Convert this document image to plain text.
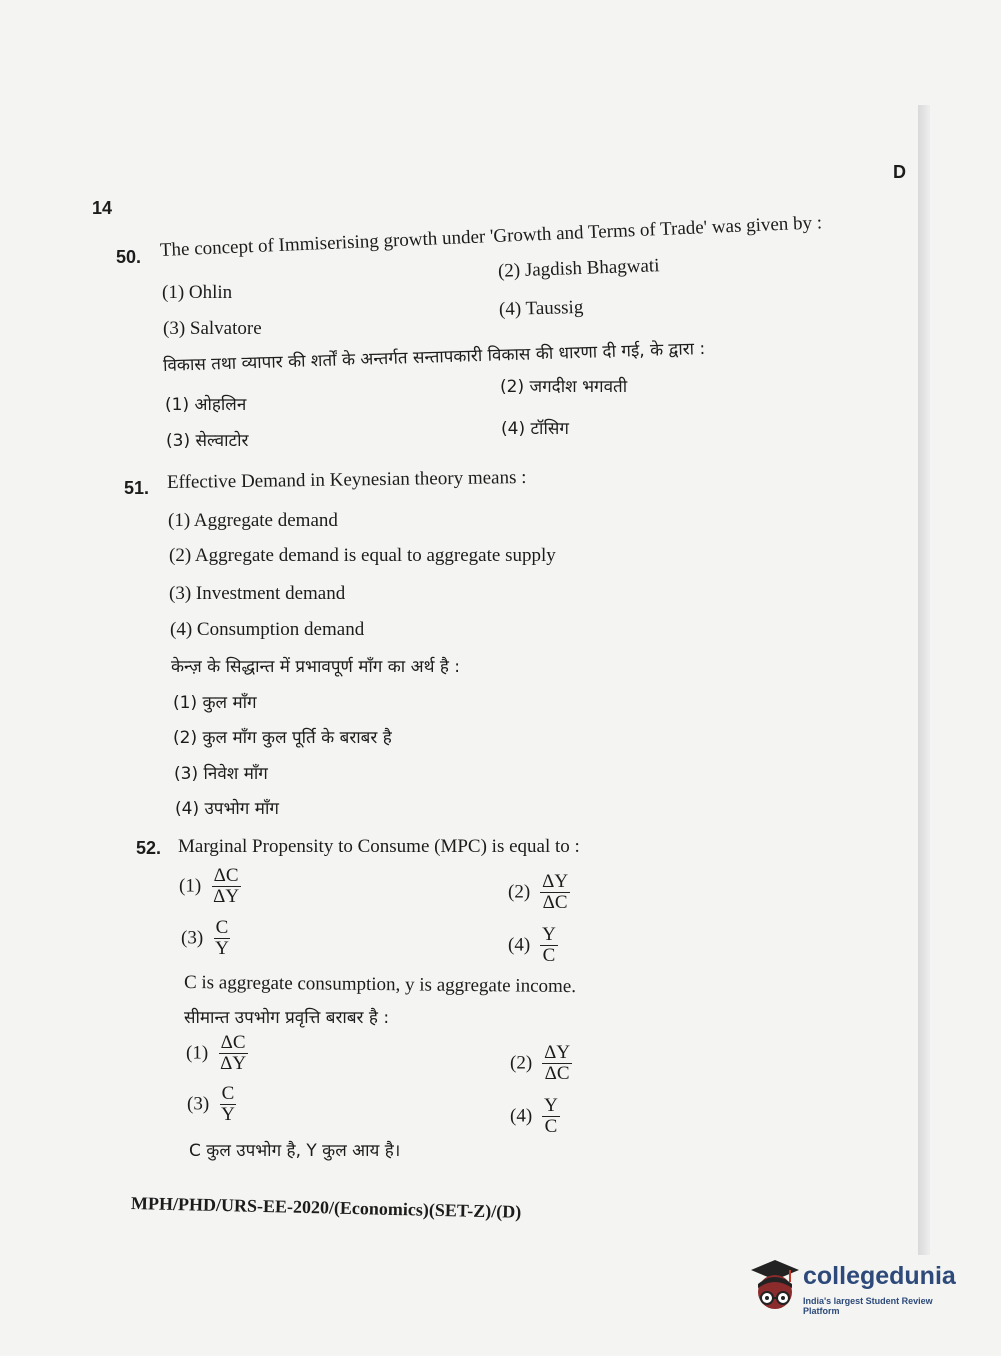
14
D
50. The concept of Immiserising growth under 'Growth and Terms of Trade' was given by :
(1) Ohlin
(2) Jagdish Bhagwati
(3) Salvatore
(4) Taussig
विकास तथा व्यापार की शर्तों के अन्तर्गत सन्तापकारी विकास की धारणा दी गई, के द्वारा :
(1) ओहलिन
(2) जगदीश भगवती
(3) सेल्वाटोर
(4) टॉसिग
51. Effective Demand in Keynesian theory means :
(1) Aggregate demand
(2) Aggregate demand is equal to aggregate supply
(3) Investment demand
(4) Consumption demand
केन्ज़ के सिद्धान्त में प्रभावपूर्ण माँग का अर्थ है :
(1) कुल माँग
(2) कुल माँग कुल पूर्ति के बराबर है
(3) निवेश माँग
(4) उपभोग माँग
52. Marginal Propensity to Consume (MPC) is equal to :
$(1) \frac{\Delta C}{\Delta Y}$	$(2) \frac{\Delta Y}{\Delta C}$
$(3) \frac{C}{Y}$	$(4) \frac{Y}{C}$
C is aggregate consumption, y is aggregate income.
सीमान्त उपभोग प्रवृत्ति बराबर है :
$(1) \frac{\Delta C}{\Delta Y}$	$(2) \frac{\Delta Y}{\Delta C}$
$(3) \frac{C}{Y}$	$(4) \frac{Y}{C}$
C कुल उपभोग है, Y कुल आय है।
MPH/PHD/URS-EE-2020/(Economics)(SET-Z)/(D)
collegedunia
India's largest Student Review Platform
